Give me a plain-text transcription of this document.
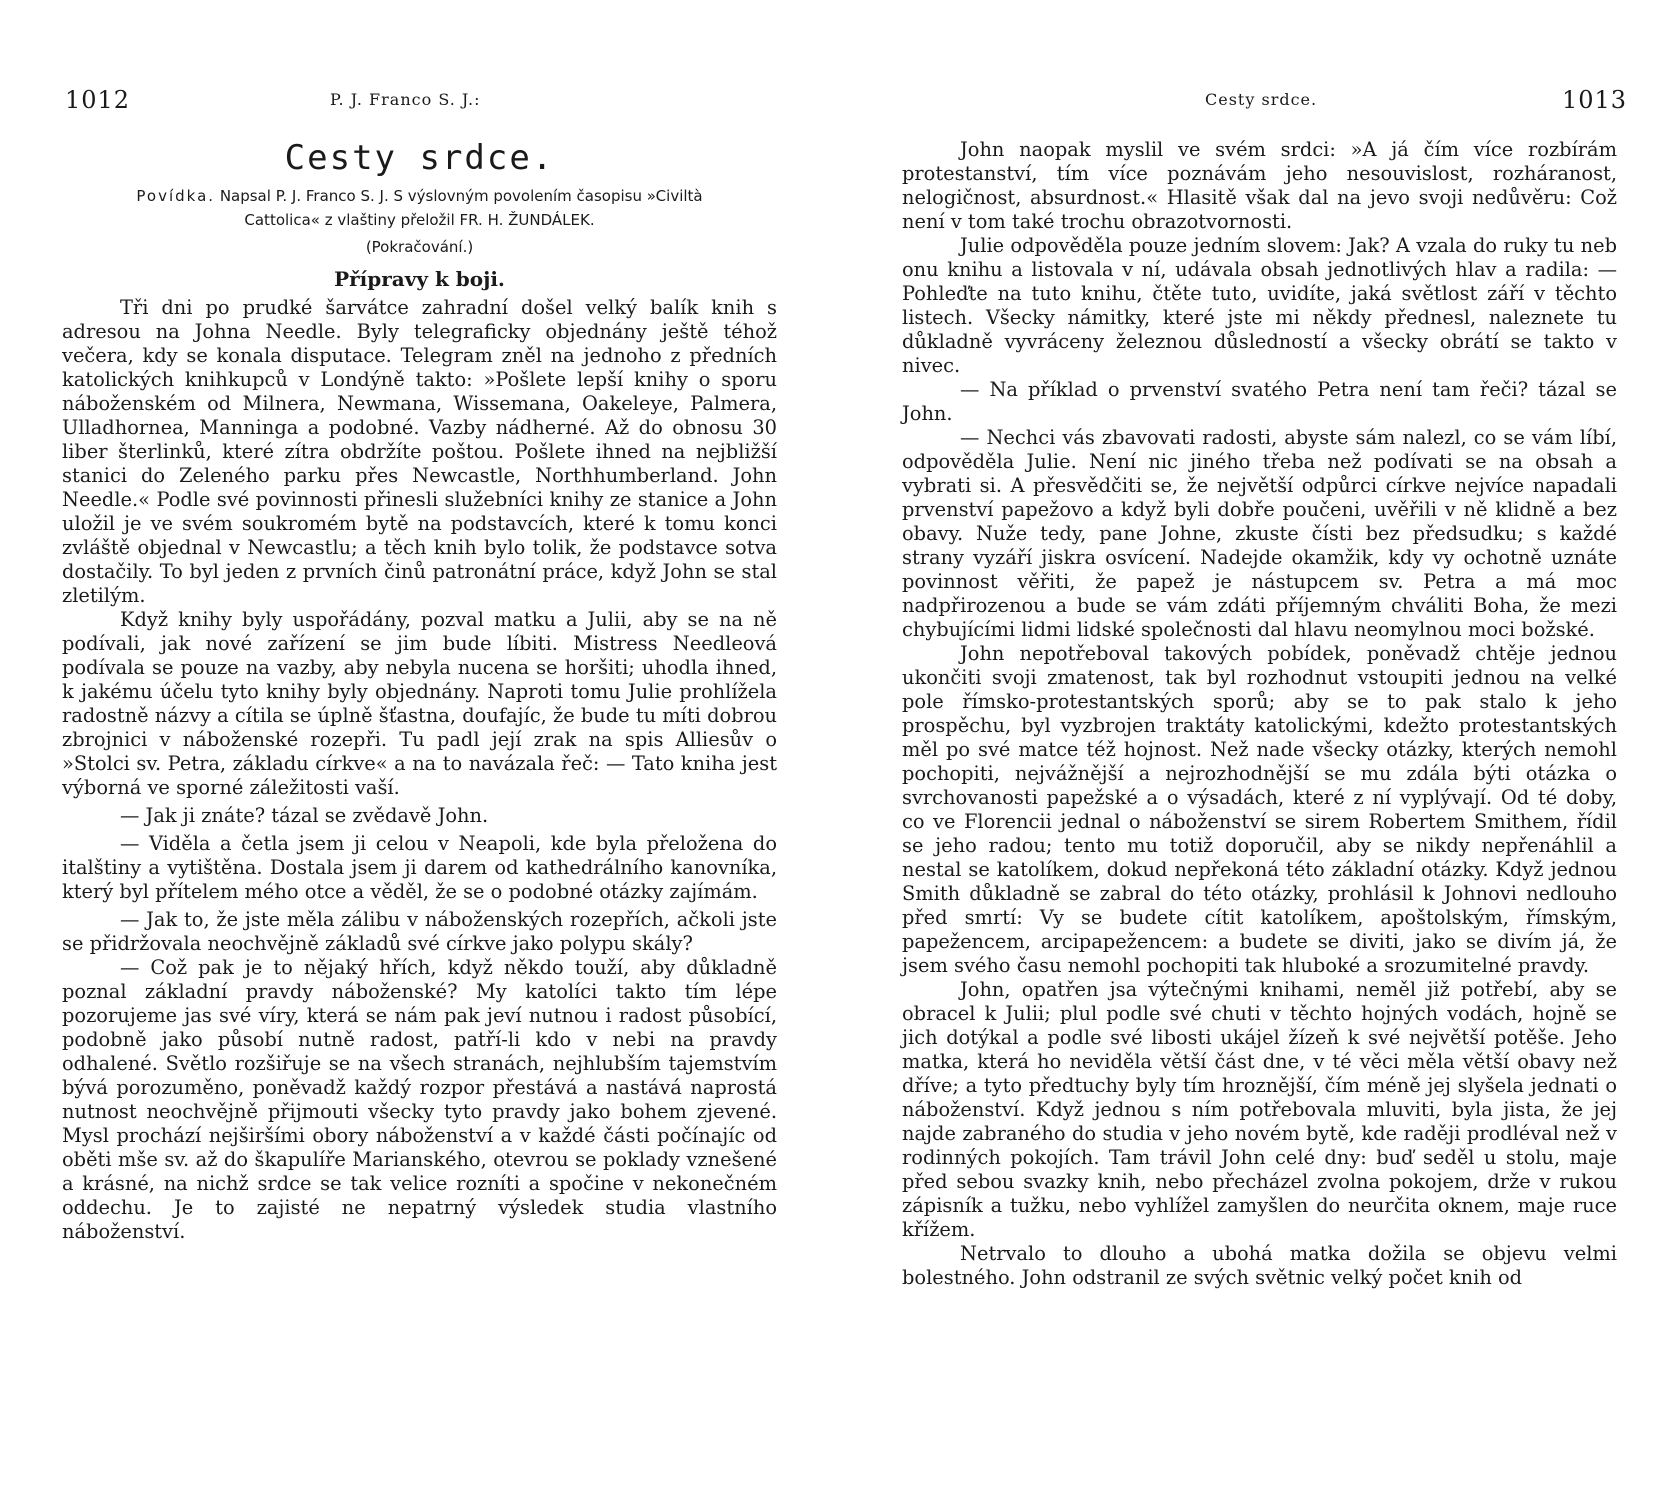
1012	P. J. Franco S. J.:
Cesty srdce.

Povídka. Napsal P. J. Franco S. J. S výslovným povolením časopisu »Civiltà

Cattolica« z vlaštiny přeložil FR. H. ŽUNDÁLEK.

(Pokračování.)

Přípravy k boji.

Tři dni po prudké šarvátce zahradní došel velký balík knih s adresou na Johna Needle. Byly telegraficky objednány ještě téhož večera, kdy se konala disputace. Telegram zněl na jednoho z předních katolických knihkupců v Londýně takto: »Pošlete lepší knihy o sporu náboženském od Milnera, Newmana, Wissemana, Oakeleye, Palmera, Ulladhornea, Manninga a podobné. Vazby nádherné. Až do obnosu 30 liber šterlinků, které zítra obdržíte poštou. Pošlete ihned na nejbližší stanici do Zeleného parku přes Newcastle, Northhumberland. John Needle.« Podle své povinnosti přinesli služebníci knihy ze stanice a John uložil je ve svém soukromém bytě na podstavcích, které k tomu konci zvláště objednal v Newcastlu; a těch knih bylo tolik, že podstavce sotva dostačily. To byl jeden z prvních činů patronátní práce, když John se stal zletilým.

Když knihy byly uspořádány, pozval matku a Julii, aby se na ně podívali, jak nové zařízení se jim bude líbiti. Mistress Needleová podívala se pouze na vazby, aby nebyla nucena se horšiti; uhodla ihned, k jakému účelu tyto knihy byly objednány. Naproti tomu Julie prohlížela radostně názvy a cítila se úplně šťastna, doufajíc, že bude tu míti dobrou zbrojnici v náboženské rozepři. Tu padl její zrak na spis Alliesův o »Stolci sv. Petra, základu církve« a na to navázala řeč: — Tato kniha jest výborná ve sporné záležitosti vaší.

— Jak ji znáte? tázal se zvědavě John.

— Viděla a četla jsem ji celou v Neapoli, kde byla přeložena do italštiny a vytištěna. Dostala jsem ji darem od kathedrálního kanovníka, který byl přítelem mého otce a věděl, že se o podobné otázky zajímám.

— Jak to, že jste měla zálibu v náboženských rozepřích, ačkoli jste se přidržovala neochvějně základů své církve jako polypu skály?

— Což pak je to nějaký hřích, když někdo touží, aby důkladně poznal základní pravdy náboženské? My katolíci takto tím lépe pozorujeme jas své víry, která se nám pak jeví nutnou i radost působící, podobně jako působí nutně radost, patří-li kdo v nebi na pravdy odhalené. Světlo rozšiřuje se na všech stranách, nejhlubším tajemstvím bývá porozuměno, poněvadž každý rozpor přestává a nastává naprostá nutnost neochvějně přijmouti všecky tyto pravdy jako bohem zjevené. Mysl prochází nejširšími obory náboženství a v každé části počínajíc od oběti mše sv. až do škapulíře Marianského, otevrou se poklady vznešené a krásné, na nichž srdce se tak velice rozníti a spočine v nekonečném oddechu. Je to zajisté ne nepatrný výsledek studia vlastního náboženství.

Cesty srdce.	1013

John naopak myslil ve svém srdci: »A já čím více rozbírám protestanství, tím více poznávám jeho nesouvislost, rozháranost, nelogičnost, absurdnost.« Hlasitě však dal na jevo svoji nedůvěru: Což není v tom také trochu obrazotvornosti.

Julie odpověděla pouze jedním slovem: Jak? A vzala do ruky tu neb onu knihu a listovala v ní, udávala obsah jednotlivých hlav a radila: — Pohleďte na tuto knihu, čtěte tuto, uvidíte, jaká světlost září v těchto listech. Všecky námitky, které jste mi někdy přednesl, naleznete tu důkladně vyvráceny železnou důsledností a všecky obrátí se takto v nivec.

— Na příklad o prvenství svatého Petra není tam řeči? tázal se John.

— Nechci vás zbavovati radosti, abyste sám nalezl, co se vám líbí, odpověděla Julie. Není nic jiného třeba než podívati se na obsah a vybrati si. A přesvědčiti se, že největší odpůrci církve nejvíce napadali prvenství papežovo a když byli dobře poučeni, uvěřili v ně klidně a bez obavy. Nuže tedy, pane Johne, zkuste čísti bez předsudku; s každé strany vyzáří jiskra osvícení. Nadejde okamžik, kdy vy ochotně uznáte povinnost věřiti, že papež je nástupcem sv. Petra a má moc nadpřirozenou a bude se vám zdáti příjemným chváliti Boha, že mezi chybujícími lidmi lidské společnosti dal hlavu neomylnou moci božské.

John nepotřeboval takových pobídek, poněvadž chtěje jednou ukončiti svoji zmatenost, tak byl rozhodnut vstoupiti jednou na velké pole římsko-protestantských sporů; aby se to pak stalo k jeho prospěchu, byl vyzbrojen traktáty katolickými, kdežto protestantských měl po své matce též hojnost. Než nade všecky otázky, kterých nemohl pochopiti, nejvážnější a nejrozhodnější se mu zdála býti otázka o svrchovanosti papežské a o výsadách, které z ní vyplývají. Od té doby, co ve Florencii jednal o náboženství se sirem Robertem Smithem, řídil se jeho radou; tento mu totiž doporučil, aby se nikdy nepřenáhlil a nestal se katolíkem, dokud nepřekoná této základní otázky. Když jednou Smith důkladně se zabral do této otázky, prohlásil k Johnovi nedlouho před smrtí: Vy se budete cítit katolíkem, apoštolským, římským, papežencem, arcipapežencem: a budete se diviti, jako se divím já, že jsem svého času nemohl pochopiti tak hluboké a srozumitelné pravdy.

John, opatřen jsa výtečnými knihami, neměl již potřebí, aby se obracel k Julii; plul podle své chuti v těchto hojných vodách, hojně se jich dotýkal a podle své libosti ukájel žízeň k své největší potěše. Jeho matka, která ho neviděla větší část dne, v té věci měla větší obavy než dříve; a tyto předtuchy byly tím hroznější, čím méně jej slyšela jednati o náboženství. Když jednou s ním potřebovala mluviti, byla jista, že jej najde zabraného do studia v jeho novém bytě, kde raději prodléval než v rodinných pokojích. Tam trávil John celé dny: buď seděl u stolu, maje před sebou svazky knih, nebo přecházel zvolna pokojem, drže v rukou zápisník a tužku, nebo vyhlížel zamyšlen do neurčita oknem, maje ruce křížem.

Netrvalo to dlouho a ubohá matka dožila se objevu velmi bolestného. John odstranil ze svých světnic velký počet knih od
